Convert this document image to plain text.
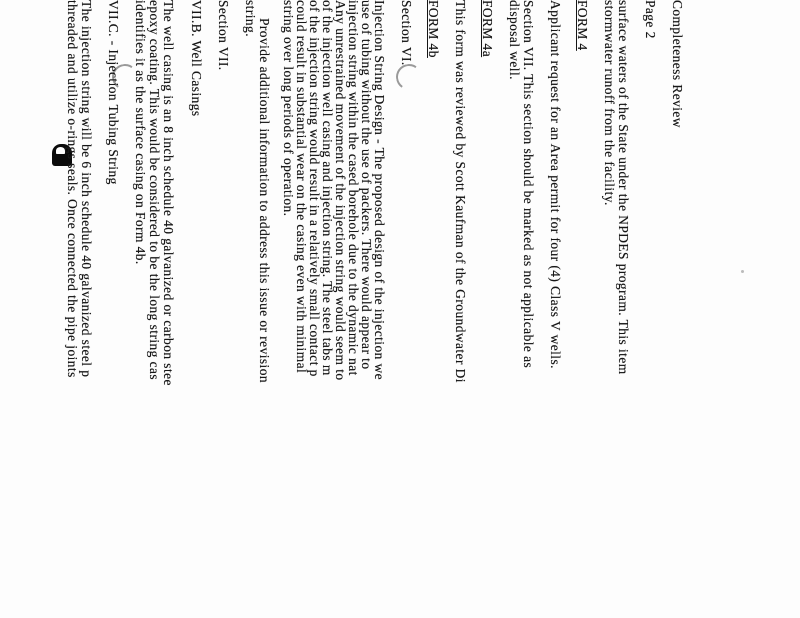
Completeness Review
Page 2
surface waters of the State under the NPDES program. This item
stormwater runoff from the facility.
FORM 4
Applicant request for an Area permit for four (4) Class V wells.
Section VII. This section should be marked as not applicable as
disposal well.
FORM 4a
This form was reviewed by Scott Kaufman of the Groundwater Di
FORM 4b
Section VI.
Injection String Design - The proposed design of the injection we
use of tubing without the use of packers. There would appear to
injection string within the cased borehole due to the dynamic nat
Any unrestrained movement of the injection string would seem to
of the injection well casing and injection string. The steel tabs m
of the injection string would result in a relatively small contact p
could result in substantial wear on the casing even with minimal
string over long periods of operation.
Provide additional information to address this issue or revision
string.
Section VII.
VII.B. Well Casings
The well casing is an 8 inch schedule 40 galvanized or carbon stee
epoxy coating. This would be considered to be the long string cas
identifies it as the surface casing on Form 4b.
VII.C. - Injection Tubing String
The injection string will be 6 inch schedule 40 galvanized steel p
threaded and utilize o-rings seals. Once connected the pipe joints
